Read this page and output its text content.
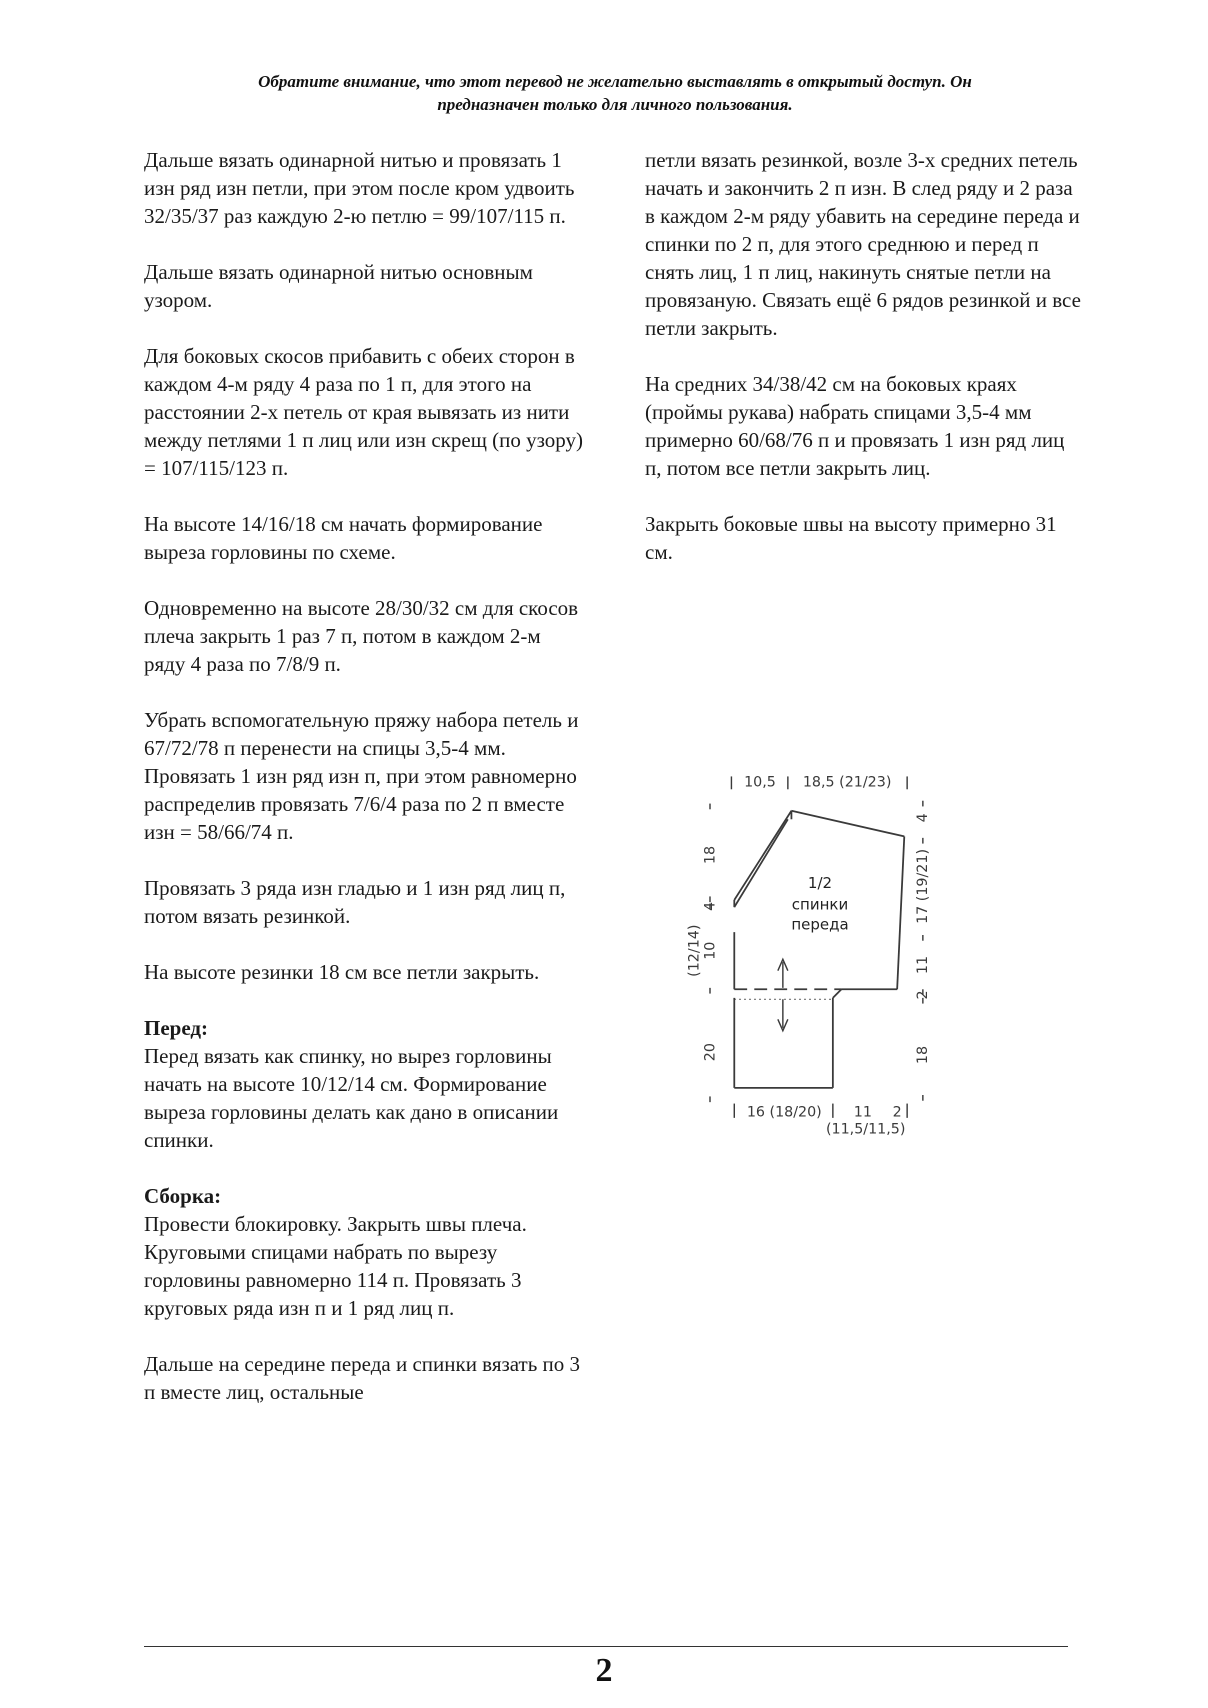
Обратите внимание, что этот перевод не желательно выставлять в открытый доступ. Он
предназначен только для личного пользования.

Дальше вязать одинарной нитью и провязать 1 изн ряд изн петли, при этом после кром удвоить 32/35/37 раз каждую 2-ю петлю = 99/107/115 п.

Дальше вязать одинарной нитью основным узором.

Для боковых скосов прибавить с обеих сторон в каждом 4-м ряду 4 раза по 1 п, для этого на расстоянии 2-х петель от края вывязать из нити между петлями 1 п лиц или изн скрещ (по узору) = 107/115/123 п.

На высоте 14/16/18 см начать формирование выреза горловины по схеме.

Одновременно на высоте 28/30/32 см для скосов плеча закрыть 1 раз 7 п, потом в каждом 2-м ряду 4 раза по 7/8/9 п.

Убрать вспомогательную пряжу набора петель и 67/72/78 п перенести на спицы 3,5-4 мм. Провязать 1 изн ряд изн п, при этом равномерно распределив провязать 7/6/4 раза по 2 п вместе изн = 58/66/74 п.

Провязать 3 ряда изн гладью и 1 изн ряд лиц п, потом вязать резинкой.

На высоте резинки 18 см все петли закрыть.

Перед:

Перед вязать как спинку, но вырез горловины начать на высоте 10/12/14 см. Формирование выреза горловины делать как дано в описании спинки.

Сборка:

Провести блокировку. Закрыть швы плеча. Круговыми спицами набрать по вырезу горловины равномерно 114 п. Провязать 3 круговых ряда изн п и 1 ряд лиц п.

Дальше на середине переда и спинки вязать по 3 п вместе лиц, остальные

петли вязать резинкой, возле 3-х средних петель начать и закончить 2 п изн. В след ряду и 2 раза в каждом 2-м ряду убавить на середине переда и спинки по 2 п, для этого среднюю и перед п снять лиц, 1 п лиц, накинуть снятые петли на провязаную. Связать ещё 6 рядов резинкой и все петли закрыть.

На средних 34/38/42 см на боковых краях (проймы рукава) набрать спицами 3,5-4 мм примерно 60/68/76 п и провязать 1 изн ряд лиц п, потом все петли закрыть лиц.

Закрыть боковые швы на высоту примерно 31 см.

1/2
спинки
переда
10,5 18,5 (21/23)
18
4
10
(12/14)
20
4
17 (19/21)
11
2
18
16 (18/20) 11 2
(11,5/11,5)
2
